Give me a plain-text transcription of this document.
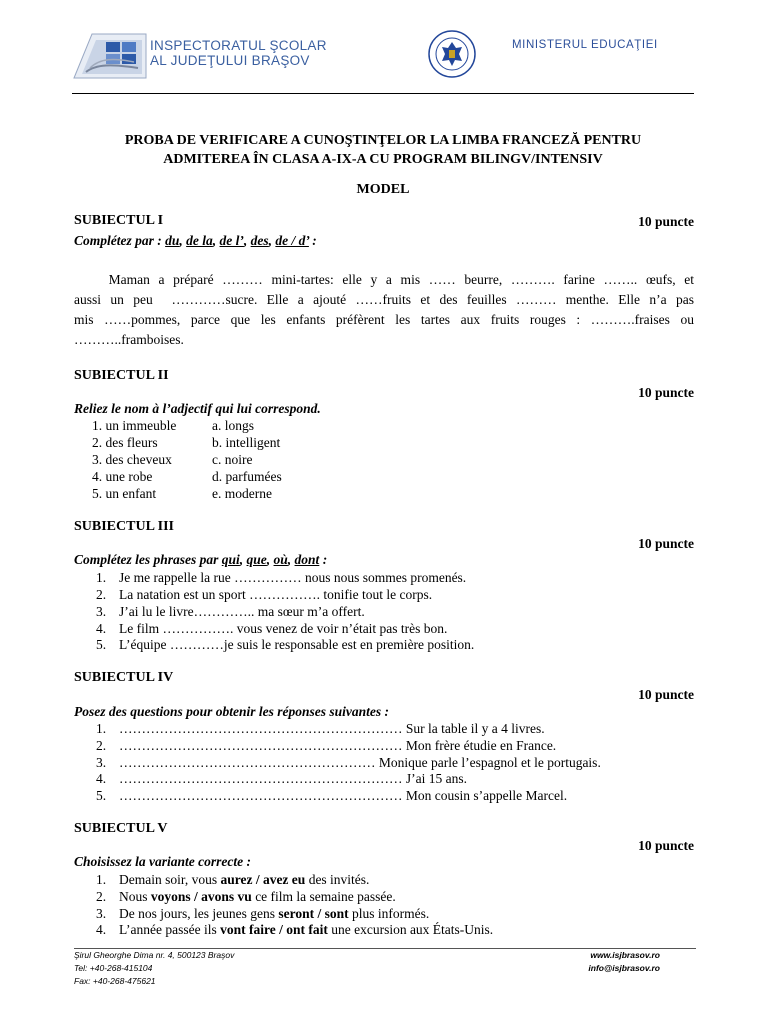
INSPECTORATUL ŞCOLAR
AL JUDEŢULUI BRAŞOV
MINISTERUL EDUCAŢIEI
PROBA DE VERIFICARE A CUNOŞTINŢELOR LA LIMBA FRANCEZĂ PENTRU
ADMITEREA ÎN CLASA A-IX-A CU PROGRAM BILINGV/INTENSIV
MODEL
SUBIECTUL I	10 puncte
Complétez par : du, de la, de l’, des, de / d’ :
Maman a préparé ……… mini-tartes: elle y a mis …… beurre, ………. farine …….. œufs, et
aussi un peu  …………sucre. Elle a ajouté ……fruits et des feuilles ……… menthe. Elle n’a pas
mis ……pommes, parce que les enfants préfèrent les tartes aux fruits rouges : ……….fraises ou
………..framboises.
SUBIECTUL II
10 puncte
Reliez le nom à l’adjectif qui lui correspond.
1. un immeuble	a. longs
2. des fleurs	b. intelligent
3. des cheveux	c. noire
4. une robe	d. parfumées
5. un enfant	e. moderne
SUBIECTUL III
10 puncte
Complétez les phrases par qui, que, où, dont :
1. Je me rappelle la rue …………… nous nous sommes promenés.
2. La natation est un sport ……………. tonifie tout le corps.
3. J’ai lu le livre………….. ma sœur m’a offert.
4. Le film ……………. vous venez de voir n’était pas très bon.
5. L’équipe …………je suis le responsable est en première position.
SUBIECTUL IV
10 puncte
Posez des questions pour obtenir les réponses suivantes :
1. ……………………………………………………… Sur la table il y a 4 livres.
2. ……………………………………………………… Mon frère étudie en France.
3. ………………………………………………… Monique parle l’espagnol et le portugais.
4. ……………………………………………………… J’ai 15 ans.
5. ……………………………………………………… Mon cousin s’appelle Marcel.
SUBIECTUL V
10 puncte
Choisissez la variante correcte :
1. Demain soir, vous aurez / avez eu des invités.
2. Nous voyons / avons vu ce film la semaine passée.
3. De nos jours, les jeunes gens seront / sont plus informés.
4. L’année passée ils vont faire / ont fait une excursion aux États-Unis.
Şirul Gheorghe Dima nr. 4, 500123 Braşov
Tel: +40-268-415104
Fax: +40-268-475621
www.isjbrasov.ro
info@isjbrasov.ro
